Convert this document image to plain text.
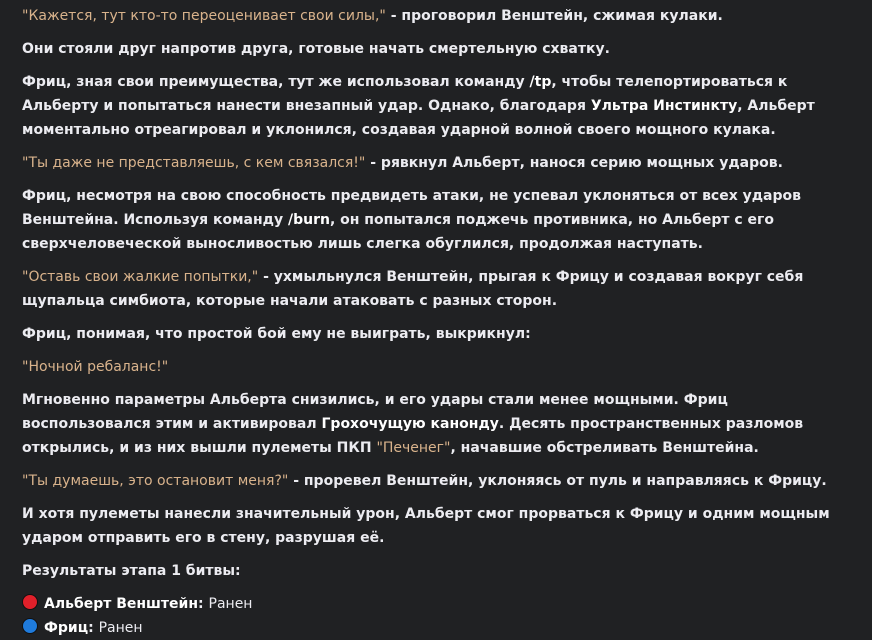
"Кажется, тут кто-то переоценивает свои силы," - проговорил Венштейн, сжимая кулаки.

Они стояли друг напротив друга, готовые начать смертельную схватку.

Фриц, зная свои преимущества, тут же использовал команду /tp, чтобы телепортироваться к Альберту и попытаться нанести внезапный удар. Однако, благодаря Ультра Инстинкту, Альберт моментально отреагировал и уклонился, создавая ударной волной своего мощного кулака.

"Ты даже не представляешь, с кем связался!" - рявкнул Альберт, нанося серию мощных ударов.

Фриц, несмотря на свою способность предвидеть атаки, не успевал уклоняться от всех ударов Венштейна. Используя команду /burn, он попытался поджечь противника, но Альберт с его сверхчеловеческой выносливостью лишь слегка обуглился, продолжая наступать.

"Оставь свои жалкие попытки," - ухмыльнулся Венштейн, прыгая к Фрицу и создавая вокруг себя щупальца симбиота, которые начали атаковать с разных сторон.

Фриц, понимая, что простой бой ему не выиграть, выкрикнул:

"Ночной ребаланс!"

Мгновенно параметры Альберта снизились, и его удары стали менее мощными. Фриц воспользовался этим и активировал Грохочущую канонду. Десять пространственных разломов открылись, и из них вышли пулеметы ПКП "Печенег", начавшие обстреливать Венштейна.

"Ты думаешь, это остановит меня?" - проревел Венштейн, уклоняясь от пуль и направляясь к Фрицу.

И хотя пулеметы нанесли значительный урон, Альберт смог прорваться к Фрицу и одним мощным ударом отправить его в стену, разрушая её.

Результаты этапа 1 битвы:

Альберт Венштейн: Ранен
Фриц: Ранен
